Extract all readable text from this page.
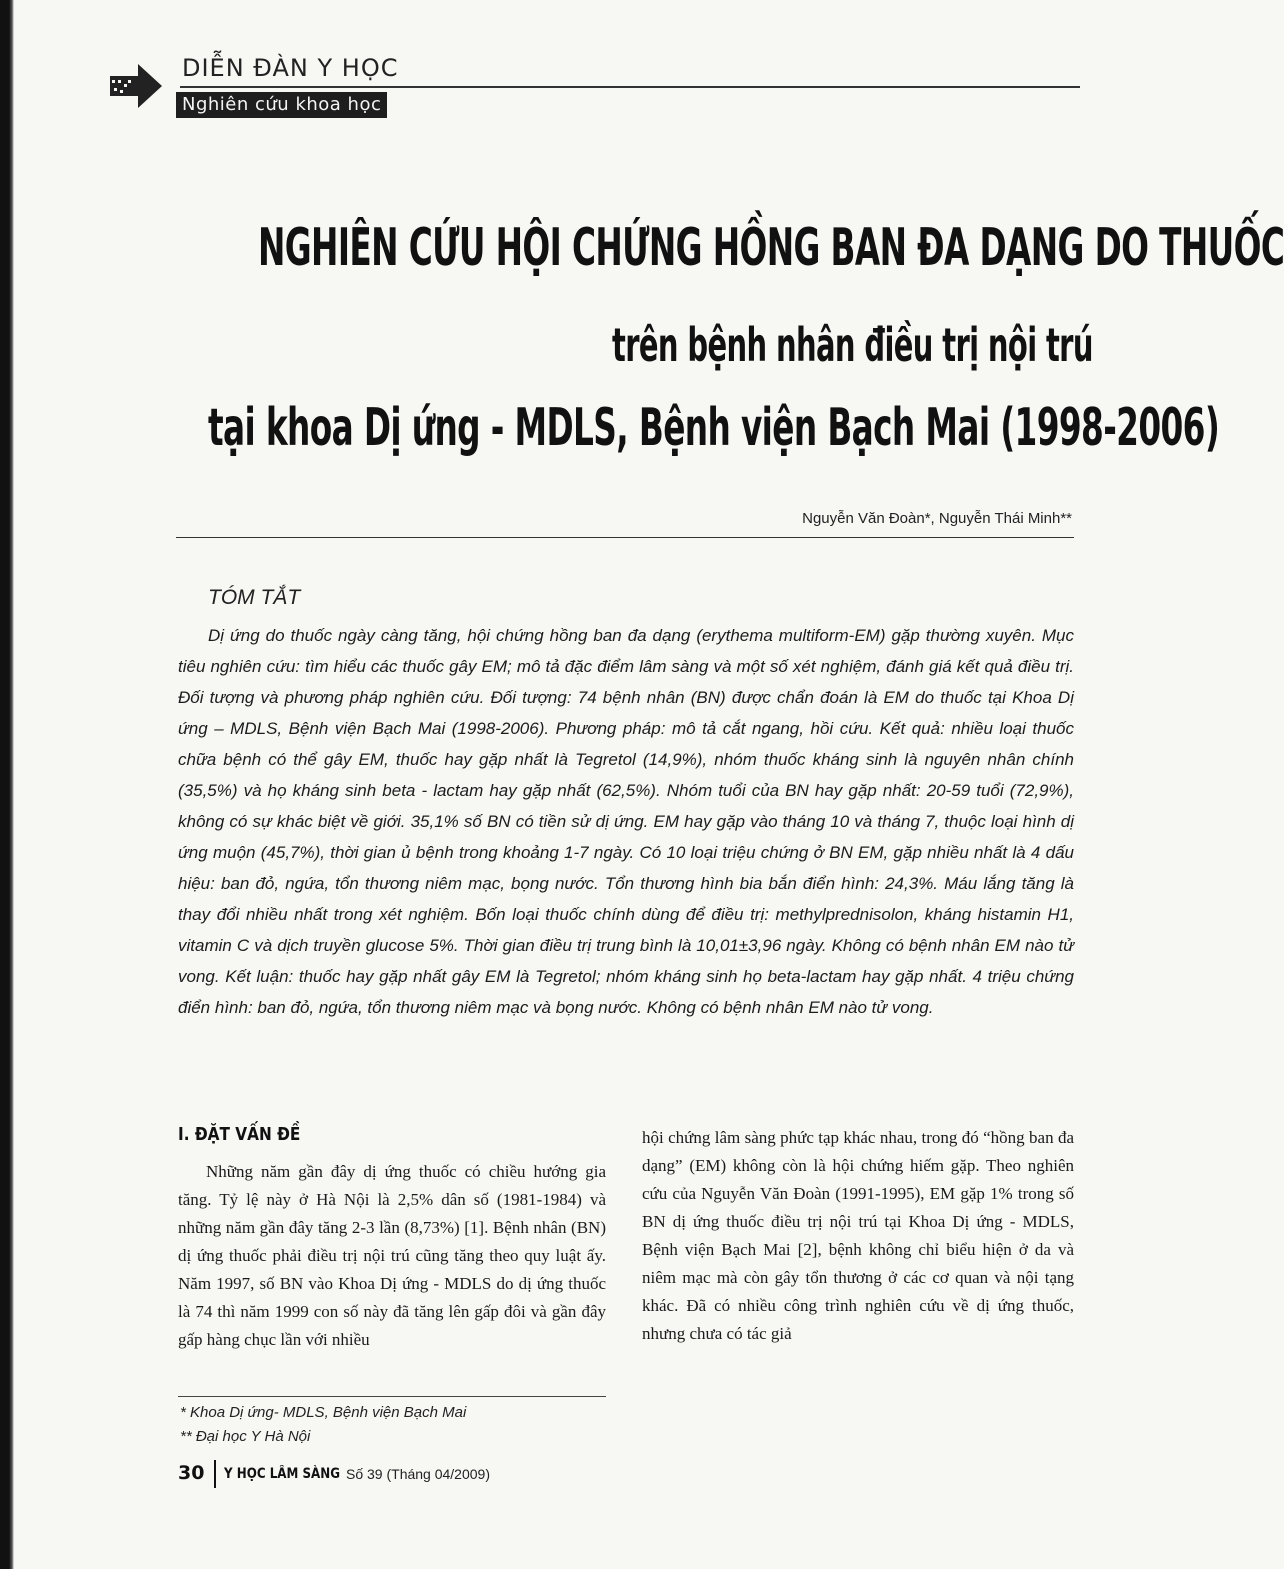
DIỄN ĐÀN Y HỌC
Nghiên cứu khoa học
NGHIÊN CỨU HỘI CHỨNG HỒNG BAN ĐA DẠNG DO THUỐC
trên bệnh nhân điều trị nội trú
tại khoa Dị ứng - MDLS, Bệnh viện Bạch Mai (1998-2006)
Nguyễn Văn Đoàn*, Nguyễn Thái Minh**
TÓM TẮT
Dị ứng do thuốc ngày càng tăng, hội chứng hồng ban đa dạng (erythema multiform-EM) gặp thường xuyên. Mục tiêu nghiên cứu: tìm hiểu các thuốc gây EM; mô tả đặc điểm lâm sàng và một số xét nghiệm, đánh giá kết quả điều trị. Đối tượng và phương pháp nghiên cứu. Đối tượng: 74 bệnh nhân (BN) được chẩn đoán là EM do thuốc tại Khoa Dị ứng – MDLS, Bệnh viện Bạch Mai (1998-2006). Phương pháp: mô tả cắt ngang, hồi cứu. Kết quả: nhiều loại thuốc chữa bệnh có thể gây EM, thuốc hay gặp nhất là Tegretol (14,9%), nhóm thuốc kháng sinh là nguyên nhân chính (35,5%) và họ kháng sinh beta - lactam hay gặp nhất (62,5%). Nhóm tuổi của BN hay gặp nhất: 20-59 tuổi (72,9%), không có sự khác biệt về giới. 35,1% số BN có tiền sử dị ứng. EM hay gặp vào tháng 10 và tháng 7, thuộc loại hình dị ứng muộn (45,7%), thời gian ủ bệnh trong khoảng 1-7 ngày. Có 10 loại triệu chứng ở BN EM, gặp nhiều nhất là 4 dấu hiệu: ban đỏ, ngứa, tổn thương niêm mạc, bọng nước. Tổn thương hình bia bắn điển hình: 24,3%. Máu lắng tăng là thay đổi nhiều nhất trong xét nghiệm. Bốn loại thuốc chính dùng để điều trị: methylprednisolon, kháng histamin H1, vitamin C và dịch truyền glucose 5%. Thời gian điều trị trung bình là 10,01±3,96 ngày. Không có bệnh nhân EM nào tử vong. Kết luận: thuốc hay gặp nhất gây EM là Tegretol; nhóm kháng sinh họ beta-lactam hay gặp nhất. 4 triệu chứng điển hình: ban đỏ, ngứa, tổn thương niêm mạc và bọng nước. Không có bệnh nhân EM nào tử vong.
I. ĐẶT VẤN ĐỀ
Những năm gần đây dị ứng thuốc có chiều hướng gia tăng. Tỷ lệ này ở Hà Nội là 2,5% dân số (1981-1984) và những năm gần đây tăng 2-3 lần (8,73%) [1]. Bệnh nhân (BN) dị ứng thuốc phải điều trị nội trú cũng tăng theo quy luật ấy. Năm 1997, số BN vào Khoa Dị ứng - MDLS do dị ứng thuốc là 74 thì năm 1999 con số này đã tăng lên gấp đôi và gần đây gấp hàng chục lần với nhiều
hội chứng lâm sàng phức tạp khác nhau, trong đó “hồng ban đa dạng” (EM) không còn là hội chứng hiếm gặp. Theo nghiên cứu của Nguyễn Văn Đoàn (1991-1995), EM gặp 1% trong số BN dị ứng thuốc điều trị nội trú tại Khoa Dị ứng - MDLS, Bệnh viện Bạch Mai [2], bệnh không chỉ biểu hiện ở da và niêm mạc mà còn gây tổn thương ở các cơ quan và nội tạng khác. Đã có nhiều công trình nghiên cứu về dị ứng thuốc, nhưng chưa có tác giả
* Khoa Dị ứng- MDLS, Bệnh viện Bạch Mai
** Đại học Y Hà Nội
30 Y HỌC LÂM SÀNG Số 39 (Tháng 04/2009)
